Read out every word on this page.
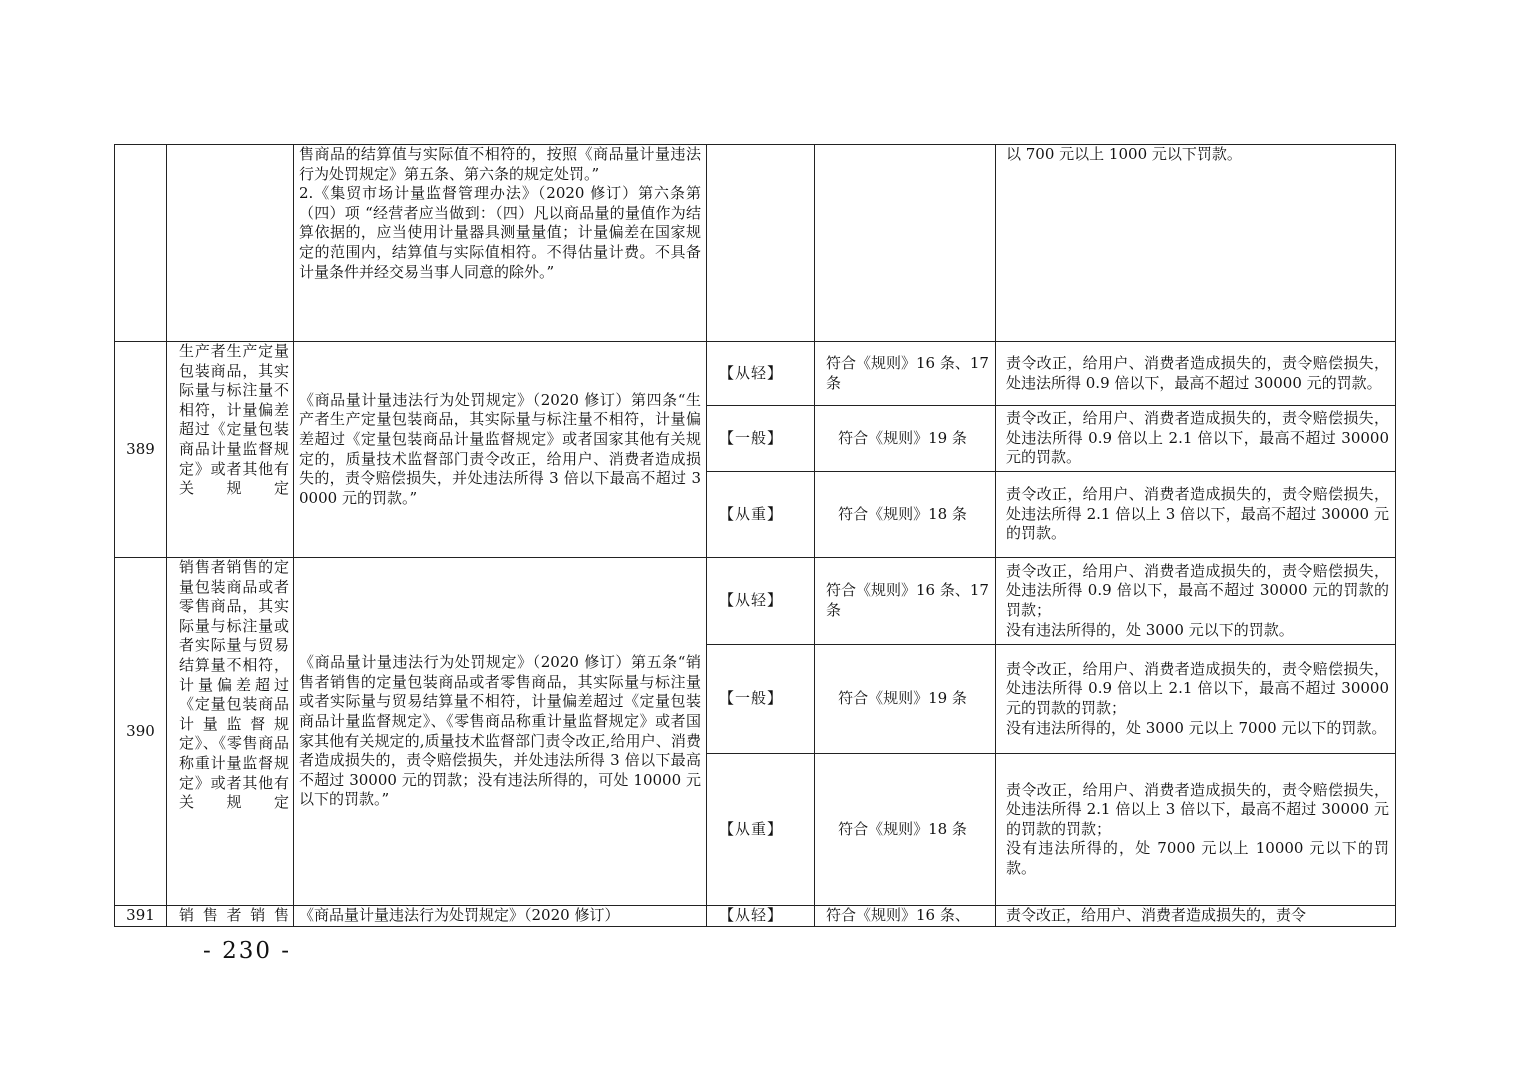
		售商品的结算值与实际值不相符的，按照《商品量计量违法行为处罚规定》第五条、第六条的规定处罚。”
2.《集贸市场计量监督管理办法》（2020 修订）第六条第（四）项 “经营者应当做到：（四）凡以商品量的量值作为结算依据的，应当使用计量器具测量量值；计量偏差在国家规定的范围内，结算值与实际值相符。不得估量计费。不具备计量条件并经交易当事人同意的除外。”			以 700 元以上 1000 元以下罚款。

389	生产者生产定量包装商品，其实际量与标注量不相符，计量偏差超过《定量包装商品计量监督规定》或者其他有关规定	《商品量计量违法行为处罚规定》（2020 修订）第四条“生产者生产定量包装商品，其实际量与标注量不相符，计量偏差超过《定量包装商品计量监督规定》或者国家其他有关规定的，质量技术监督部门责令改正，给用户、消费者造成损失的，责令赔偿损失，并处违法所得 3 倍以下最高不超过 30000 元的罚款。”	【从轻】	符合《规则》16 条、17 条	责令改正，给用户、消费者造成损失的，责令赔偿损失，处违法所得 0.9 倍以下，最高不超过 30000 元的罚款。
			【一般】	符合《规则》19 条	责令改正，给用户、消费者造成损失的，责令赔偿损失，处违法所得 0.9 倍以上 2.1 倍以下，最高不超过 30000 元的罚款。
			【从重】	符合《规则》18 条	责令改正，给用户、消费者造成损失的，责令赔偿损失，处违法所得 2.1 倍以上 3 倍以下，最高不超过 30000 元的罚款。
390	销售者销售的定量包装商品或者零售商品，其实际量与标注量或者实际量与贸易结算量不相符，计量偏差超过《定量包装商品计量监督规定》、《零售商品称重计量监督规定》或者其他有关规定	《商品量计量违法行为处罚规定》（2020 修订）第五条“销售者销售的定量包装商品或者零售商品，其实际量与标注量或者实际量与贸易结算量不相符，计量偏差超过《定量包装商品计量监督规定》、《零售商品称重计量监督规定》或者国家其他有关规定的,质量技术监督部门责令改正,给用户、消费者造成损失的，责令赔偿损失，并处违法所得 3 倍以下最高不超过 30000 元的罚款；没有违法所得的，可处 10000 元以下的罚款。”	【从轻】	符合《规则》16 条、17 条	责令改正，给用户、消费者造成损失的，责令赔偿损失，处违法所得 0.9 倍以下，最高不超过 30000 元的罚款的罚款；
没有违法所得的，处 3000 元以下的罚款。

			【一般】	符合《规则》19 条	责令改正，给用户、消费者造成损失的，责令赔偿损失，处违法所得 0.9 倍以上 2.1 倍以下，最高不超过 30000 元的罚款的罚款；
没有违法所得的，处 3000 元以上 7000 元以下的罚款。

			【从重】	符合《规则》18 条	责令改正，给用户、消费者造成损失的，责令赔偿损失，处违法所得 2.1 倍以上 3 倍以下，最高不超过 30000 元的罚款的罚款；
没有违法所得的，处 7000 元以上 10000 元以下的罚款。

391	销售者销售	《商品量计量违法行为处罚规定》（2020 修订）	【从轻】	符合《规则》16 条、	责令改正，给用户、消费者造成损失的，责令
- 230 -
